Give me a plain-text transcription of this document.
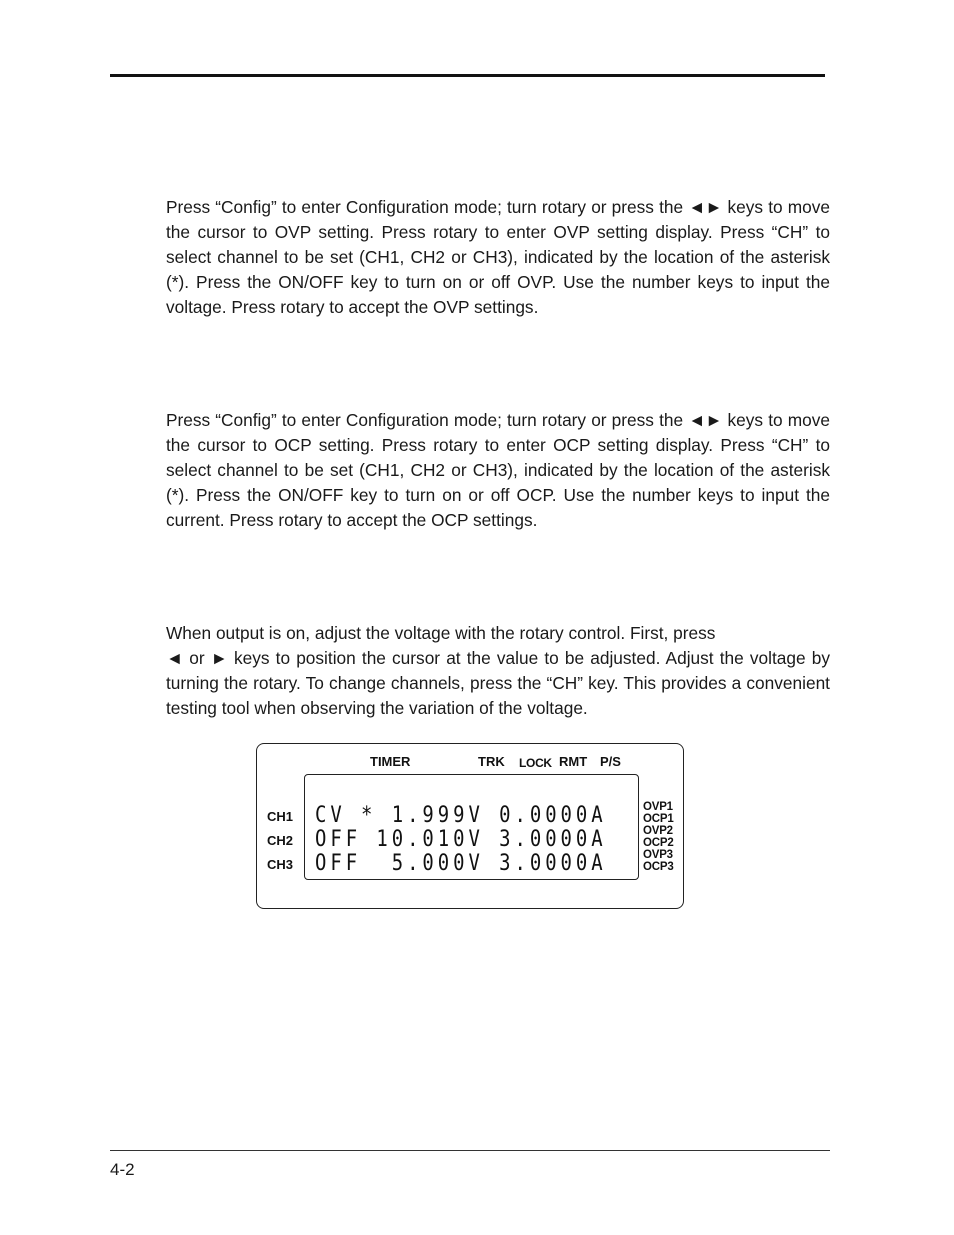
Press “Config” to enter Configuration mode; turn rotary or press the ◄► keys to move the cursor to OVP setting. Press rotary to enter OVP setting display. Press “CH” to select channel to be set (CH1, CH2 or CH3), indicated by the location of the asterisk (*). Press the ON/OFF key to turn on or off OVP. Use the number keys to input the voltage. Press rotary to accept the OVP settings.

Press “Config” to enter Configuration mode; turn rotary or press the ◄► keys to move the cursor to OCP setting. Press rotary to enter OCP setting display. Press “CH” to select channel to be set (CH1, CH2 or CH3), indicated by the location of the asterisk (*). Press the ON/OFF key to turn on or off OCP. Use the number keys to input the current. Press rotary to accept the OCP settings.

When output is on, adjust the voltage with the rotary control. First, press
◄ or ► keys to position the cursor at the value to be adjusted. Adjust the voltage by turning the rotary. To change channels, press the “CH” key. This provides a convenient testing tool when observing the variation of the voltage.

TIMER	TRK LOCK RMT P/S
CH1
CH2
CH3
CV * 1.999V 0.0000A
OFF 10.010V 3.0000A
OFF  5.000V 3.0000A
OVP1
OCP1
OVP2
OCP2
OVP3
OCP3
4-2
